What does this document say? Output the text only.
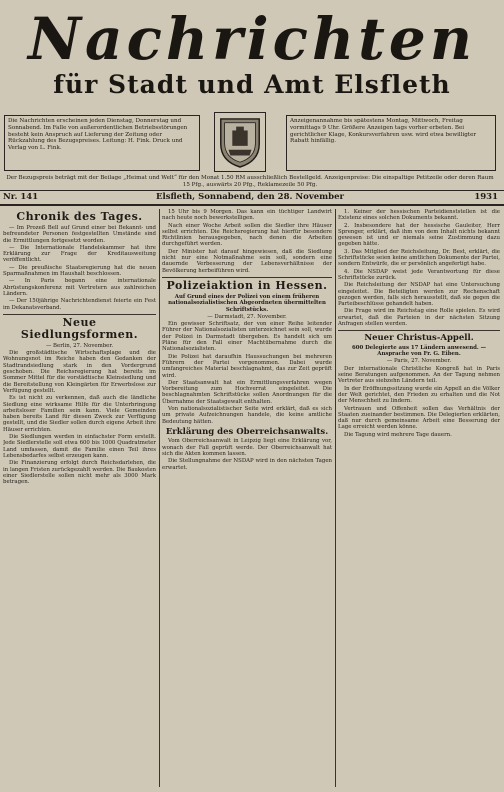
Nachrichten
für Stadt und Amt Elsfleth
Die Nachrichten erscheinen jeden Dienstag, Donnerstag und Sonnabend. Im Falle von außerordentlichen Betriebsstörungen besteht kein Anspruch auf Lieferung der Zeitung oder Rückzahlung des Bezugspreises. Leitung: H. Fink. Druck und Verlag von L. Fink.
Anzeigenannahme bis spätestens Montag, Mittwoch, Freitag vormittags 9 Uhr. Größere Anzeigen tags vorher erbeten. Bei gerichtlicher Klage, Konkursverfahren usw. wird etwa bewilligter Rabatt hinfällig.
Der Bezugspreis beträgt mit der Beilage „Heimat und Welt“ für den Monat 1.50 RM ausschließlich Bestellgeld. Anzeigenpreise: Die einspaltige Petitzeile oder deren Raum 15 Pfg., auswärts 20 Pfg., Reklamezeile 50 Pfg.
Nr. 141	Elsfleth, Sonnabend, den 28. November	1931
Chronik des Tages.

— Im Prozeß Bell auf Grund einer bei Bekannt- und befreundeter Personen festgestellten Umstände sind die Ermittlungen fortgesetzt worden.

— Die Internationale Handelskammer hat ihre Erklärung zur Frage der Kreditausweitung veröffentlicht.

— Die preußische Staatsregierung hat die neuen Sparmaßnahmen im Haushalt beschlossen.

— In Paris begann eine internationale Abrüstungskonferenz mit Vertretern aus zahlreichen Ländern.

— Der 150jährige Nachrichtendienst feierte ein Fest im Dekanatsverband.

Neue Siedlungsformen.
— Berlin, 27. November.

Die großstädtische Wirtschaftsplage und die Wohnungsnot im Reiche haben den Gedanken der Stadtrandsiedlung stark in den Vordergrund geschoben. Die Reichsregierung hat bereits im Sommer Mittel für die vorstädtische Kleinsiedlung und die Bereitstellung von Kleingärten für Erwerbslose zur Verfügung gestellt.

Es ist nicht zu verkennen, daß auch die ländliche Siedlung eine wirksame Hilfe für die Unterbringung arbeitsloser Familien sein kann. Viele Gemeinden haben bereits Land für diesen Zweck zur Verfügung gestellt, und die Siedler sollen durch eigene Arbeit ihre Häuser errichten.

Die Siedlungen werden in einfachster Form erstellt. Jede Siedlerstelle soll etwa 600 bis 1000 Quadratmeter Land umfassen, damit die Familie einen Teil ihres Lebensbedarfes selbst erzeugen kann.

Die Finanzierung erfolgt durch Reichsdarlehen, die in langen Fristen zurückgezahlt werden. Die Baukosten einer Siedlerstelle sollen nicht mehr als 3000 Mark betragen.

15 Uhr bis 9 Morgen. Das kann ein tüchtiger Landwirt nach heute noch bewerkstelligen.

Nach einer Woche Arbeit sollen die Siedler ihre Häuser selbst errichten. Die Reichsregierung hat hierfür besondere Richtlinien herausgegeben, nach denen die Arbeiten durchgeführt werden.

Der Minister hat darauf hingewiesen, daß die Siedlung nicht nur eine Notmaßnahme sein soll, sondern eine dauernde Verbesserung der Lebensverhältnisse der Bevölkerung herbeiführen wird.

Polizeiaktion in Hessen.
Auf Grund eines der Polizei von einem früheren nationalsozialistischen Abgeordneten übermittelten Schriftstücks.
— Darmstadt, 27. November.

Ein gewisser Schriftsatz, der von einer Reihe leitender Führer der Nationalsozialisten unterzeichnet sein soll, wurde der Polizei in Darmstadt übergeben. Es handelt sich um Pläne für den Fall einer Machtübernahme durch die Nationalsozialisten.

Die Polizei hat daraufhin Haussuchungen bei mehreren Führern der Partei vorgenommen. Dabei wurde umfangreiches Material beschlagnahmt, das zur Zeit geprüft wird.

Der Staatsanwalt hat ein Ermittlungsverfahren wegen Vorbereitung zum Hochverrat eingeleitet. Die beschlagnahmten Schriftstücke sollen Anordnungen für die Übernahme der Staatsgewalt enthalten.

Von nationalsozialistischer Seite wird erklärt, daß es sich um private Aufzeichnungen handele, die keine amtliche Bedeutung hätten.

Erklärung des Oberreichsanwalts.

Vom Oberreichsanwalt in Leipzig liegt eine Erklärung vor, wonach der Fall geprüft werde. Der Oberreichsanwalt hat sich die Akten kommen lassen.

Die Stellungnahme der NSDAP wird in den nächsten Tagen erwartet.

1. Keiner der hessischen Parteidienststellen ist die Existenz eines solchen Dokuments bekannt.

2. Insbesondere hat der hessische Gauleiter, Herr Sprenger, erklärt, daß ihm von dem Inhalt nichts bekannt gewesen ist und er niemals seine Zustimmung dazu gegeben hätte.

3. Das Mitglied der Reichsleitung, Dr. Best, erklärt, die Schriftstücke seien keine amtlichen Dokumente der Partei, sondern Entwürfe, die er persönlich angefertigt habe.

4. Die NSDAP weist jede Verantwortung für diese Schriftstücke zurück.

Die Reichsleitung der NSDAP hat eine Untersuchung eingeleitet. Die Beteiligten werden zur Rechenschaft gezogen werden, falls sich herausstellt, daß sie gegen die Parteibeschlüsse gehandelt haben.

Die Frage wird im Reichstag eine Rolle spielen. Es wird erwartet, daß die Parteien in der nächsten Sitzung Anfragen stellen werden.

Neuer Christus-Appell.
600 Delegierte aus 17 Ländern anwesend. — Ansprache von Fr. G. Eiben.
— Paris, 27. November.

Der internationale Christliche Kongreß hat in Paris seine Beratungen aufgenommen. An der Tagung nehmen Vertreter aus siebzehn Ländern teil.

In der Eröffnungssitzung wurde ein Appell an die Völker der Welt gerichtet, den Frieden zu erhalten und die Not der Menschheit zu lindern.

Vertrauen und Offenheit sollen das Verhältnis der Staaten zueinander bestimmen. Die Delegierten erklärten, daß nur durch gemeinsame Arbeit eine Besserung der Lage erreicht werden könne.

Die Tagung wird mehrere Tage dauern.
